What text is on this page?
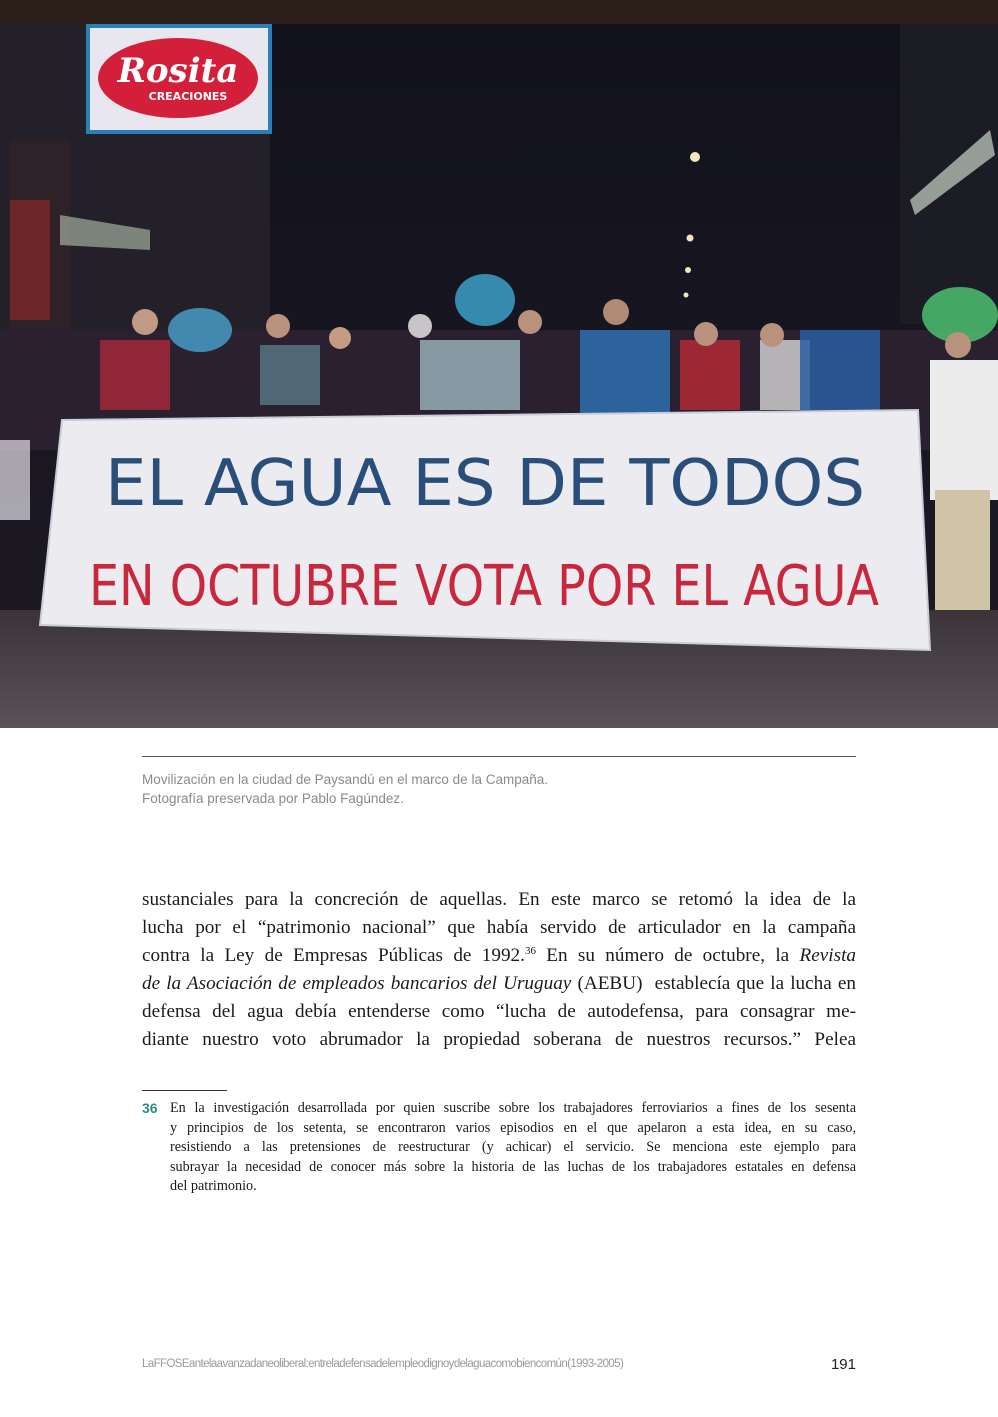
Rosita
CREACIONES
EL AGUA ES DE TODOS
EN OCTUBRE VOTA POR EL AGUA
Movilización en la ciudad de Paysandú en el marco de la Campaña.
Fotografía preservada por Pablo Fagúndez.
sustanciales para la concreción de aquellas. En este marco se retomó la idea de la
lucha por el “patrimonio nacional” que había servido de articulador en la campaña
contra la Ley de Empresas Públicas de 1992.36 En su número de octubre, la Revista
de la Asociación de empleados bancarios del Uruguay (AEBU)  establecía que la lucha en
defensa del agua debía entenderse como “lucha de autodefensa, para consagrar me-
diante nuestro voto abrumador la propiedad soberana de nuestros recursos.” Pelea
36 En la investigación desarrollada por quien suscribe sobre los trabajadores ferroviarios a fines de los sesenta
y principios de los setenta, se encontraron varios episodios en el que apelaron a esta idea, en su caso,
resistiendo a las pretensiones de reestructurar (y achicar) el servicio. Se menciona este ejemplo para
subrayar la necesidad de conocer más sobre la historia de las luchas de los trabajadores estatales en defensa
del patrimonio.
LaFFOSEantelaavanzadaneoliberal:entreladefensadelempleodignoydelaguacomobiencomún(1993-2005)	191
